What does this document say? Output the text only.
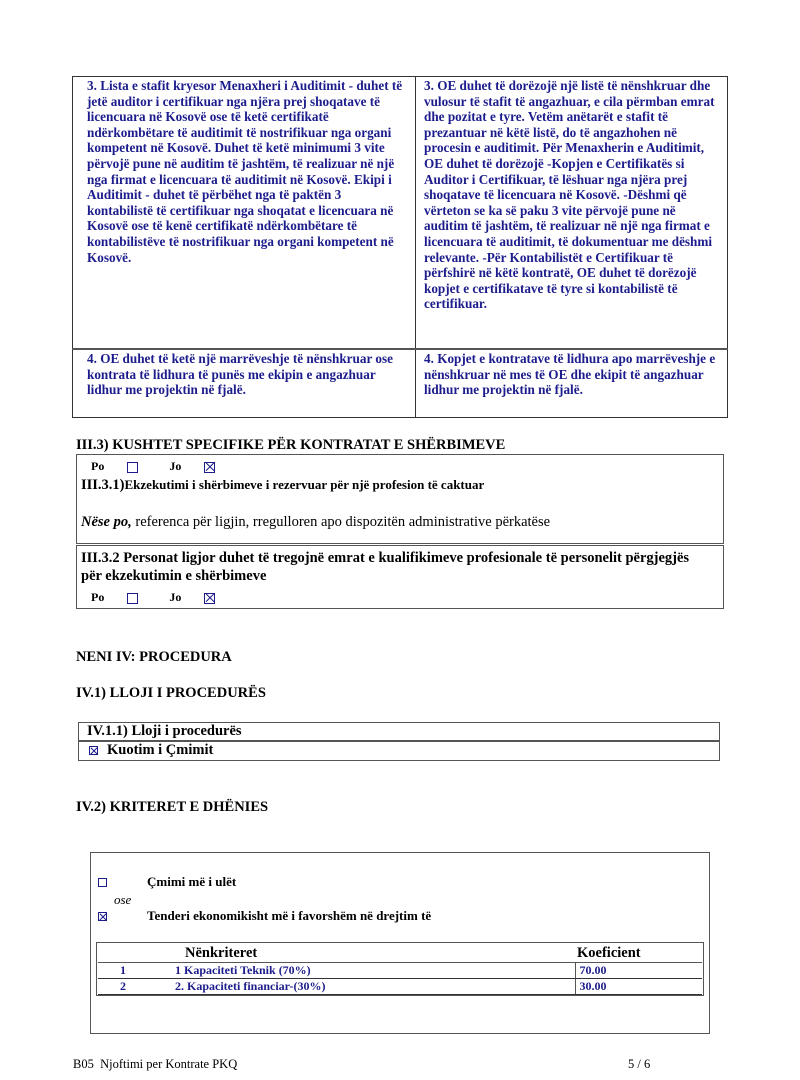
3. Lista e stafit kryesor Menaxheri i Auditimit - duhet të jetë auditor i certifikuar nga njëra prej shoqatave të licencuara në Kosovë ose të ketë certifikatë ndërkombëtare të auditimit të nostrifikuar nga organi kompetent në Kosovë. Duhet të ketë minimumi 3 vite përvojë pune në auditim të jashtëm, të realizuar në një nga firmat e licencuara të auditimit në Kosovë. Ekipi i Auditimit - duhet të përbëhet nga të paktën 3 kontabilistë të certifikuar nga shoqatat e licencuara në Kosovë ose të kenë certifikatë ndërkombëtare të kontabilistëve të nostrifikuar nga organi kompetent në Kosovë.	3. OE duhet të dorëzojë një listë të nënshkruar dhe vulosur të stafit të angazhuar, e cila përmban emrat dhe pozitat e tyre. Vetëm anëtarët e stafit të prezantuar në këtë listë, do të angazhohen në procesin e auditimit. Për Menaxherin e Auditimit, OE duhet të dorëzojë -Kopjen e Certifikatës si Auditor i Certifikuar, të lëshuar nga njëra prej shoqatave të licencuara në Kosovë. -Dëshmi që vërteton se ka së paku 3 vite përvojë pune në auditim të jashtëm, të realizuar në një nga firmat e licencuara të auditimit, të dokumentuar me dëshmi relevante. -Për Kontabilistët e Certifikuar të përfshirë në këtë kontratë, OE duhet të dorëzojë kopjet e certifikatave të tyre si kontabilistë të certifikuar.
4. OE duhet të ketë një marrëveshje të nënshkruar ose kontrata të lidhura të punës me ekipin e angazhuar lidhur me projektin në fjalë.	4. Kopjet e kontratave të lidhura apo marrëveshje e nënshkruar në mes të OE dhe ekipit të angazhuar lidhur me projektin në fjalë.
III.3) KUSHTET SPECIFIKE PËR KONTRATAT E SHËRBIMEVE
Po	Jo
III.3.1)Ekzekutimi i shërbimeve i rezervuar për një profesion të caktuar
Nëse po, referenca për ligjin, rregulloren apo dispozitën administrative përkatëse
III.3.2 Personat ligjor duhet të tregojnë emrat e kualifikimeve profesionale të personelit përgjegjës për ekzekutimin e shërbimeve
Po	Jo
NENI IV: PROCEDURA
IV.1) LLOJI I PROCEDURËS
IV.1.1) Lloji i procedurës
Kuotim i Çmimit
IV.2) KRITERET E DHËNIES
Çmimi më i ulët
ose
Tenderi ekonomikisht më i favorshëm në drejtim të
	Nënkriteret	Koeficient
1	1 Kapaciteti Teknik (70%)	70.00
2	2. Kapaciteti financiar-(30%)	30.00
B05  Njoftimi per Kontrate PKQ	5 / 6
